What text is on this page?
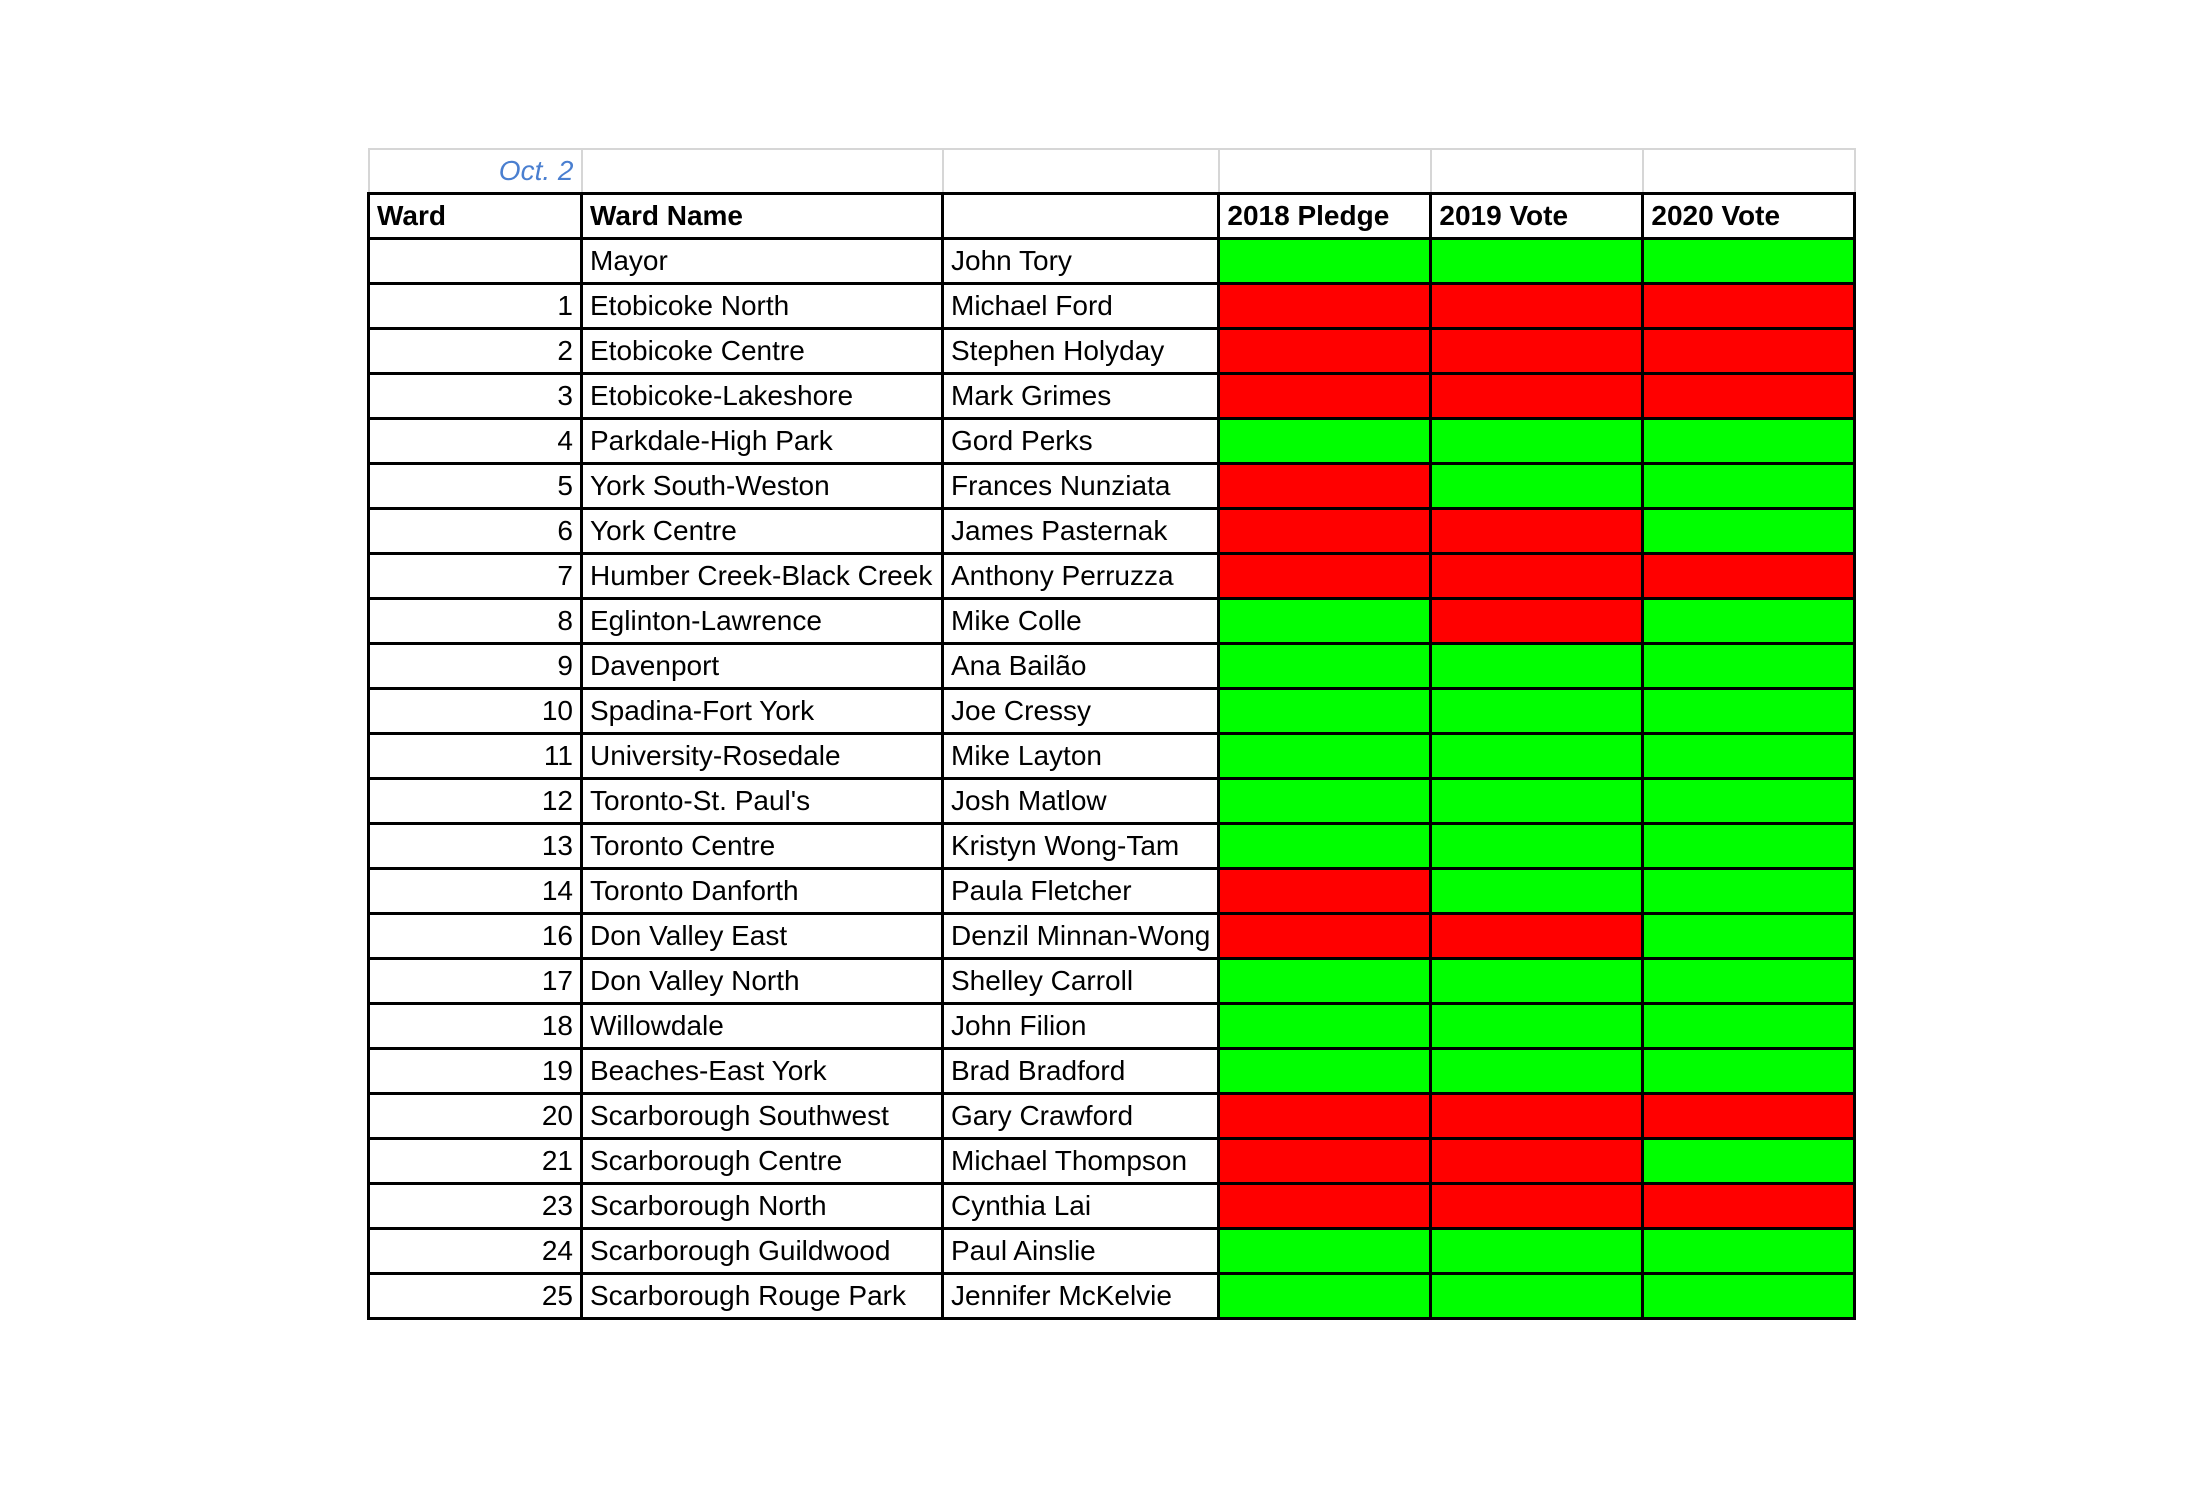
Oct. 2					
Ward	Ward Name		2018 Pledge	2019 Vote	2020 Vote
	Mayor	John Tory			
1	Etobicoke North	Michael Ford			
2	Etobicoke Centre	Stephen Holyday			
3	Etobicoke-Lakeshore	Mark Grimes			
4	Parkdale-High Park	Gord Perks			
5	York South-Weston	Frances Nunziata			
6	York Centre	James Pasternak			
7	Humber Creek-Black Creek	Anthony Perruzza			
8	Eglinton-Lawrence	Mike Colle			
9	Davenport	Ana Bailão			
10	Spadina-Fort York	Joe Cressy			
11	University-Rosedale	Mike Layton			
12	Toronto-St. Paul's	Josh Matlow			
13	Toronto Centre	Kristyn Wong-Tam			
14	Toronto Danforth	Paula Fletcher			
16	Don Valley East	Denzil Minnan-Wong			
17	Don Valley North	Shelley Carroll			
18	Willowdale	John Filion			
19	Beaches-East York	Brad Bradford			
20	Scarborough Southwest	Gary Crawford			
21	Scarborough Centre	Michael Thompson			
23	Scarborough North	Cynthia Lai			
24	Scarborough Guildwood	Paul Ainslie			
25	Scarborough Rouge Park	Jennifer McKelvie			
